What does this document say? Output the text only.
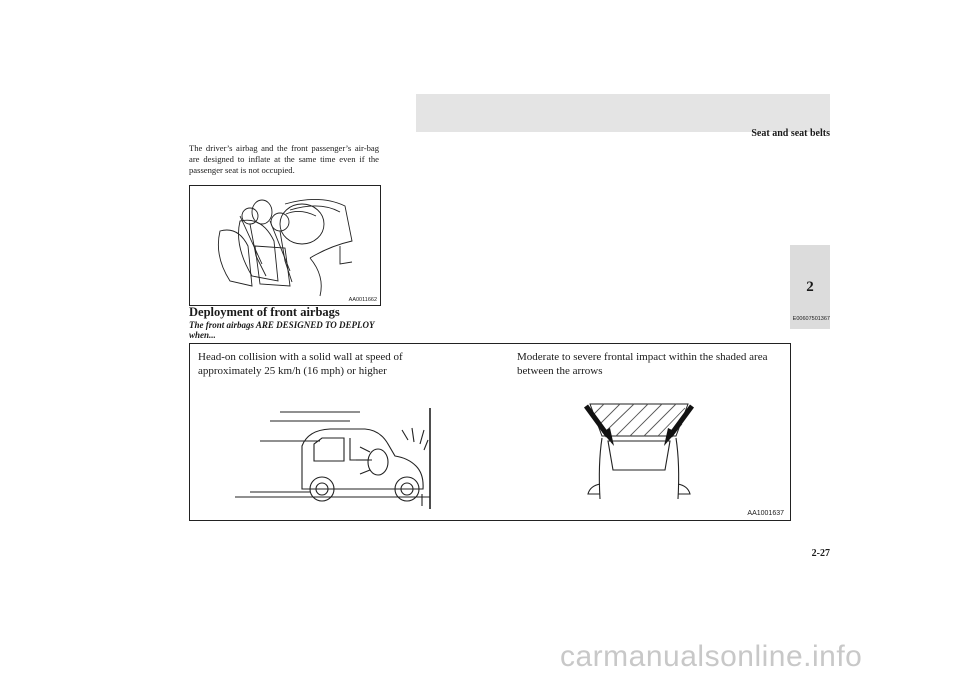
Seat and seat belts
2

The driver’s airbag and the front passenger’s air-bag are designed to inflate at the same time even if the passenger seat is not occupied.

AA0011662
Deployment of front airbags	E00607501367
The front airbags ARE DESIGNED TO DEPLOY when...
Head-on collision with a solid wall at speed of approximately 25 km/h (16 mph) or higher
Moderate to severe frontal impact within the shaded area between the arrows
AA1001637
2-27
carmanualsonline.info
